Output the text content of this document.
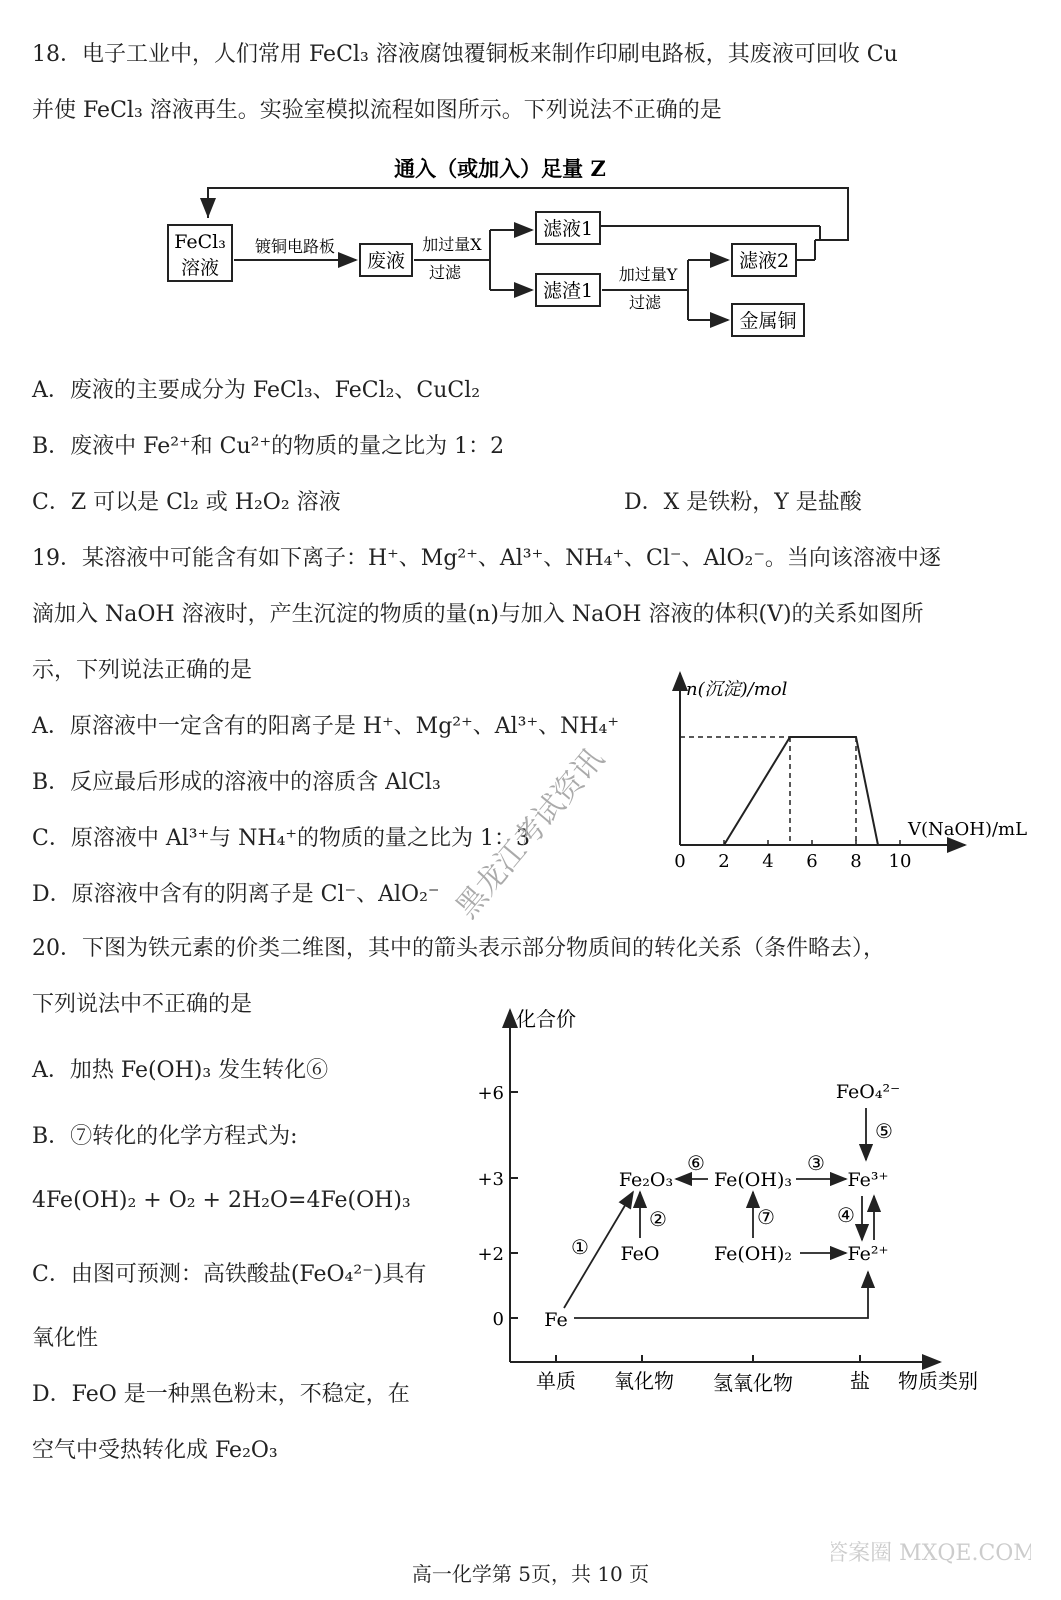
18．电子工业中，人们常用 FeCl₃ 溶液腐蚀覆铜板来制作印刷电路板，其废液可回收 Cu
并使 FeCl₃ 溶液再生。实验室模拟流程如图所示。下列说法不正确的是
通入（或加入）足量 Z
FeCl₃
溶液
镀铜电路板
废液
加过量X
过滤
滤液1
滤渣1
加过量Y
过滤
滤液2
金属铜
A．废液的主要成分为 FeCl₃、FeCl₂、CuCl₂
B．废液中 Fe²⁺和 Cu²⁺的物质的量之比为 1：2
C．Z 可以是 Cl₂ 或 H₂O₂ 溶液	D．X 是铁粉，Y 是盐酸
19．某溶液中可能含有如下离子：H⁺、Mg²⁺、Al³⁺、NH₄⁺、Cl⁻、AlO₂⁻。当向该溶液中逐
滴加入 NaOH 溶液时，产生沉淀的物质的量(n)与加入 NaOH 溶液的体积(V)的关系如图所
示，下列说法正确的是
A．原溶液中一定含有的阳离子是 H⁺、Mg²⁺、Al³⁺、NH₄⁺
B．反应最后形成的溶液中的溶质含 AlCl₃
C．原溶液中 Al³⁺与 NH₄⁺的物质的量之比为 1：3
D．原溶液中含有的阴离子是 Cl⁻、AlO₂⁻
n(沉淀)/mol
V(NaOH)/mL
0 2 4 6 8 10
20．下图为铁元素的价类二维图，其中的箭头表示部分物质间的转化关系（条件略去），
下列说法中不正确的是
A．加热 Fe(OH)₃ 发生转化⑥
B．⑦转化的化学方程式为:
4Fe(OH)₂ + O₂ + 2H₂O=4Fe(OH)₃
C．由图可预测：高铁酸盐(FeO₄²⁻)具有
氧化性
D．FeO 是一种黑色粉末，不稳定，在
空气中受热转化成 Fe₂O₃
化合价
物质类别
+6
+3
+2
0
单质 氧化物 氢氧化物	盐
Fe
Fe₂O₃
FeO
Fe(OH)₃
Fe(OH)₂
Fe³⁺
Fe²⁺
FeO₄²⁻
①
②
⑥	③
⑦
⑤
④
黑龙江考试资讯
高一化学第 5页，共 10 页
答案圈 MXQE.COM
